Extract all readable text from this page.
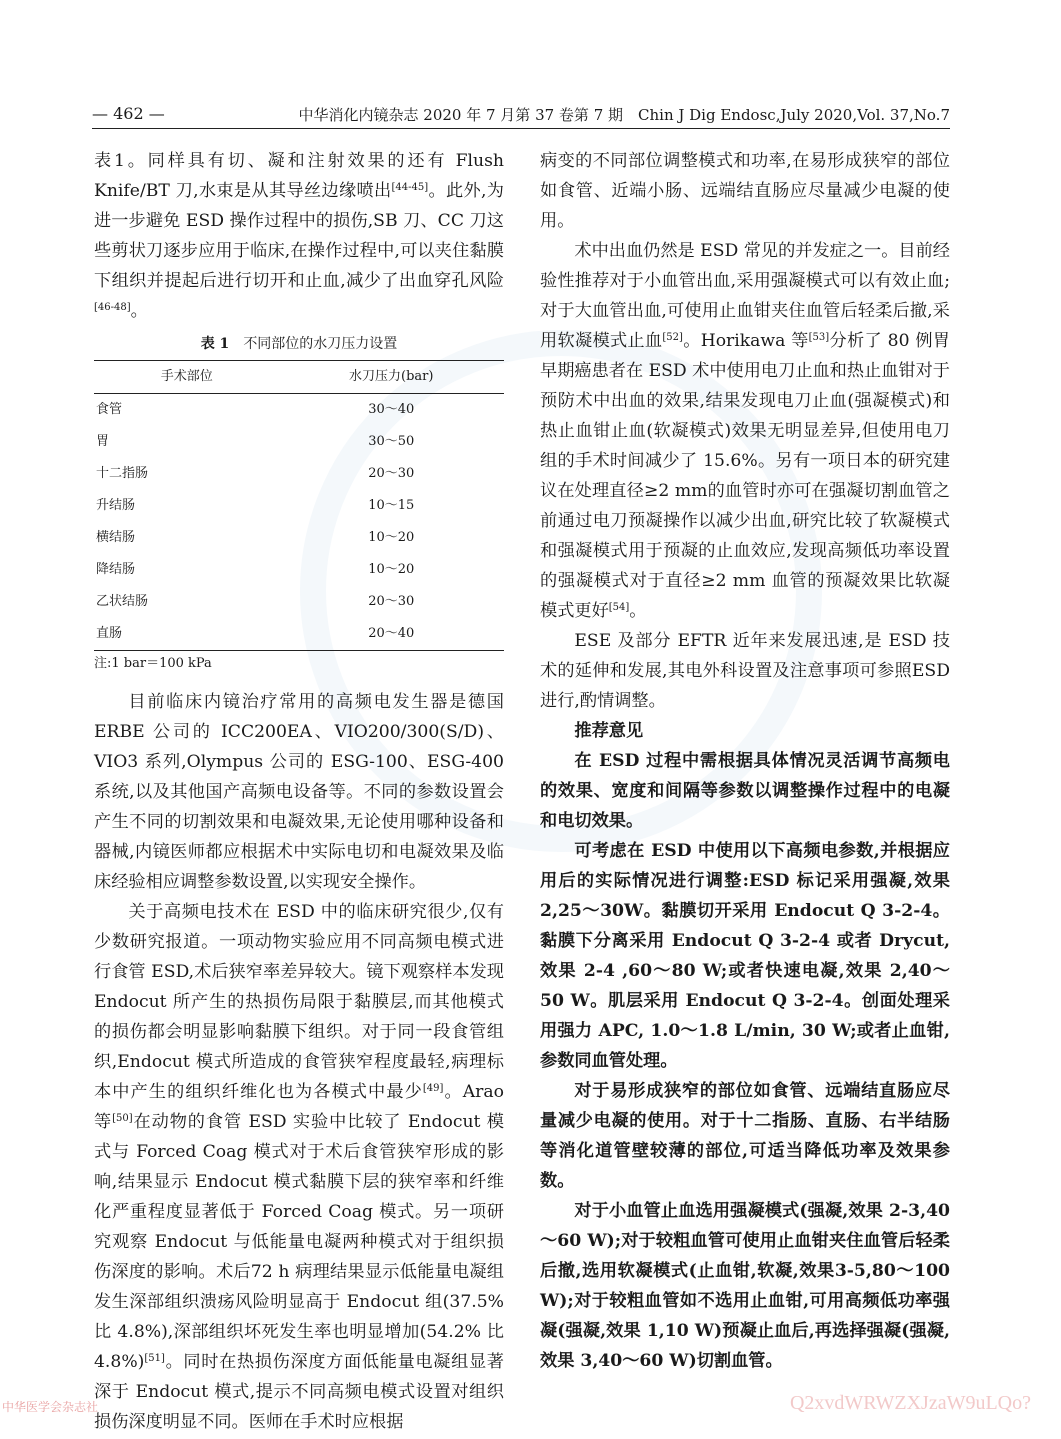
— 462 —	中华消化内镜杂志 2020 年 7 月第 37 卷第 7 期　Chin J Dig Endosc,July 2020,Vol. 37,No.7

表1。同样具有切、凝和注射效果的还有 Flush Knife/BT 刀,水束是从其导丝边缘喷出[44-45]。此外,为进一步避免 ESD 操作过程中的损伤,SB 刀、CC 刀这些剪状刀逐步应用于临床,在操作过程中,可以夹住黏膜下组织并提起后进行切开和止血,减少了出血穿孔风险[46-48]。

表 1 不同部位的水刀压力设置
手术部位	水刀压力(bar)
食管	30～40
胃	30～50
十二指肠	20～30
升结肠	10～15
横结肠	10～20
降结肠	10～20
乙状结肠	20～30
直肠	20～40
注:1 bar＝100 kPa

目前临床内镜治疗常用的高频电发生器是德国ERBE 公司的 ICC200EA、VIO200/300(S/D)、VIO3 系列,Olympus 公司的 ESG-100、ESG-400 系统,以及其他国产高频电设备等。不同的参数设置会产生不同的切割效果和电凝效果,无论使用哪种设备和器械,内镜医师都应根据术中实际电切和电凝效果及临床经验相应调整参数设置,以实现安全操作。

关于高频电技术在 ESD 中的临床研究很少,仅有少数研究报道。一项动物实验应用不同高频电模式进行食管 ESD,术后狭窄率差异较大。镜下观察样本发现 Endocut 所产生的热损伤局限于黏膜层,而其他模式的损伤都会明显影响黏膜下组织。对于同一段食管组织,Endocut 模式所造成的食管狭窄程度最轻,病理标本中产生的组织纤维化也为各模式中最少[49]。Arao 等[50]在动物的食管 ESD 实验中比较了 Endocut 模式与 Forced Coag 模式对于术后食管狭窄形成的影响,结果显示 Endocut 模式黏膜下层的狭窄率和纤维化严重程度显著低于 Forced Coag 模式。另一项研究观察 Endocut 与低能量电凝两种模式对于组织损伤深度的影响。术后72 h 病理结果显示低能量电凝组发生深部组织溃疡风险明显高于 Endocut 组(37.5% 比 4.8%),深部组织坏死发生率也明显增加(54.2% 比 4.8%)[51]。同时在热损伤深度方面低能量电凝组显著深于 Endocut 模式,提示不同高频电模式设置对组织损伤深度明显不同。医师在手术时应根据

病变的不同部位调整模式和功率,在易形成狭窄的部位如食管、近端小肠、远端结直肠应尽量减少电凝的使用。

术中出血仍然是 ESD 常见的并发症之一。目前经验性推荐对于小血管出血,采用强凝模式可以有效止血;对于大血管出血,可使用止血钳夹住血管后轻柔后撤,采用软凝模式止血[52]。Horikawa 等[53]分析了 80 例胃早期癌患者在 ESD 术中使用电刀止血和热止血钳对于预防术中出血的效果,结果发现电刀止血(强凝模式)和热止血钳止血(软凝模式)效果无明显差异,但使用电刀组的手术时间减少了 15.6%。另有一项日本的研究建议在处理直径≥2 mm的血管时亦可在强凝切割血管之前通过电刀预凝操作以减少出血,研究比较了软凝模式和强凝模式用于预凝的止血效应,发现高频低功率设置的强凝模式对于直径≥2 mm 血管的预凝效果比软凝模式更好[54]。

ESE 及部分 EFTR 近年来发展迅速,是 ESD 技术的延伸和发展,其电外科设置及注意事项可参照ESD 进行,酌情调整。

推荐意见

在 ESD 过程中需根据具体情况灵活调节高频电的效果、宽度和间隔等参数以调整操作过程中的电凝和电切效果。

可考虑在 ESD 中使用以下高频电参数,并根据应用后的实际情况进行调整:ESD 标记采用强凝,效果 2,25～30W。黏膜切开采用 Endocut Q 3-2-4。黏膜下分离采用 Endocut Q 3-2-4 或者 Drycut,效果 2-4 ,60～80 W;或者快速电凝,效果 2,40～50 W。肌层采用 Endocut Q 3-2-4。创面处理采用强力 APC, 1.0～1.8 L/min, 30 W;或者止血钳,参数同血管处理。

对于易形成狭窄的部位如食管、远端结直肠应尽量减少电凝的使用。对于十二指肠、直肠、右半结肠等消化道管壁较薄的部位,可适当降低功率及效果参数。

对于小血管止血选用强凝模式(强凝,效果 2-3,40～60 W);对于较粗血管可使用止血钳夹住血管后轻柔后撤,选用软凝模式(止血钳,软凝,效果3-5,80～100 W);对于较粗血管如不选用止血钳,可用高频低功率强凝(强凝,效果 1,10 W)预凝止血后,再选择强凝(强凝,效果 3,40～60 W)切割血管。

中华医学会杂志社	Q2xvdWRWZXJzaW9uLQo?
